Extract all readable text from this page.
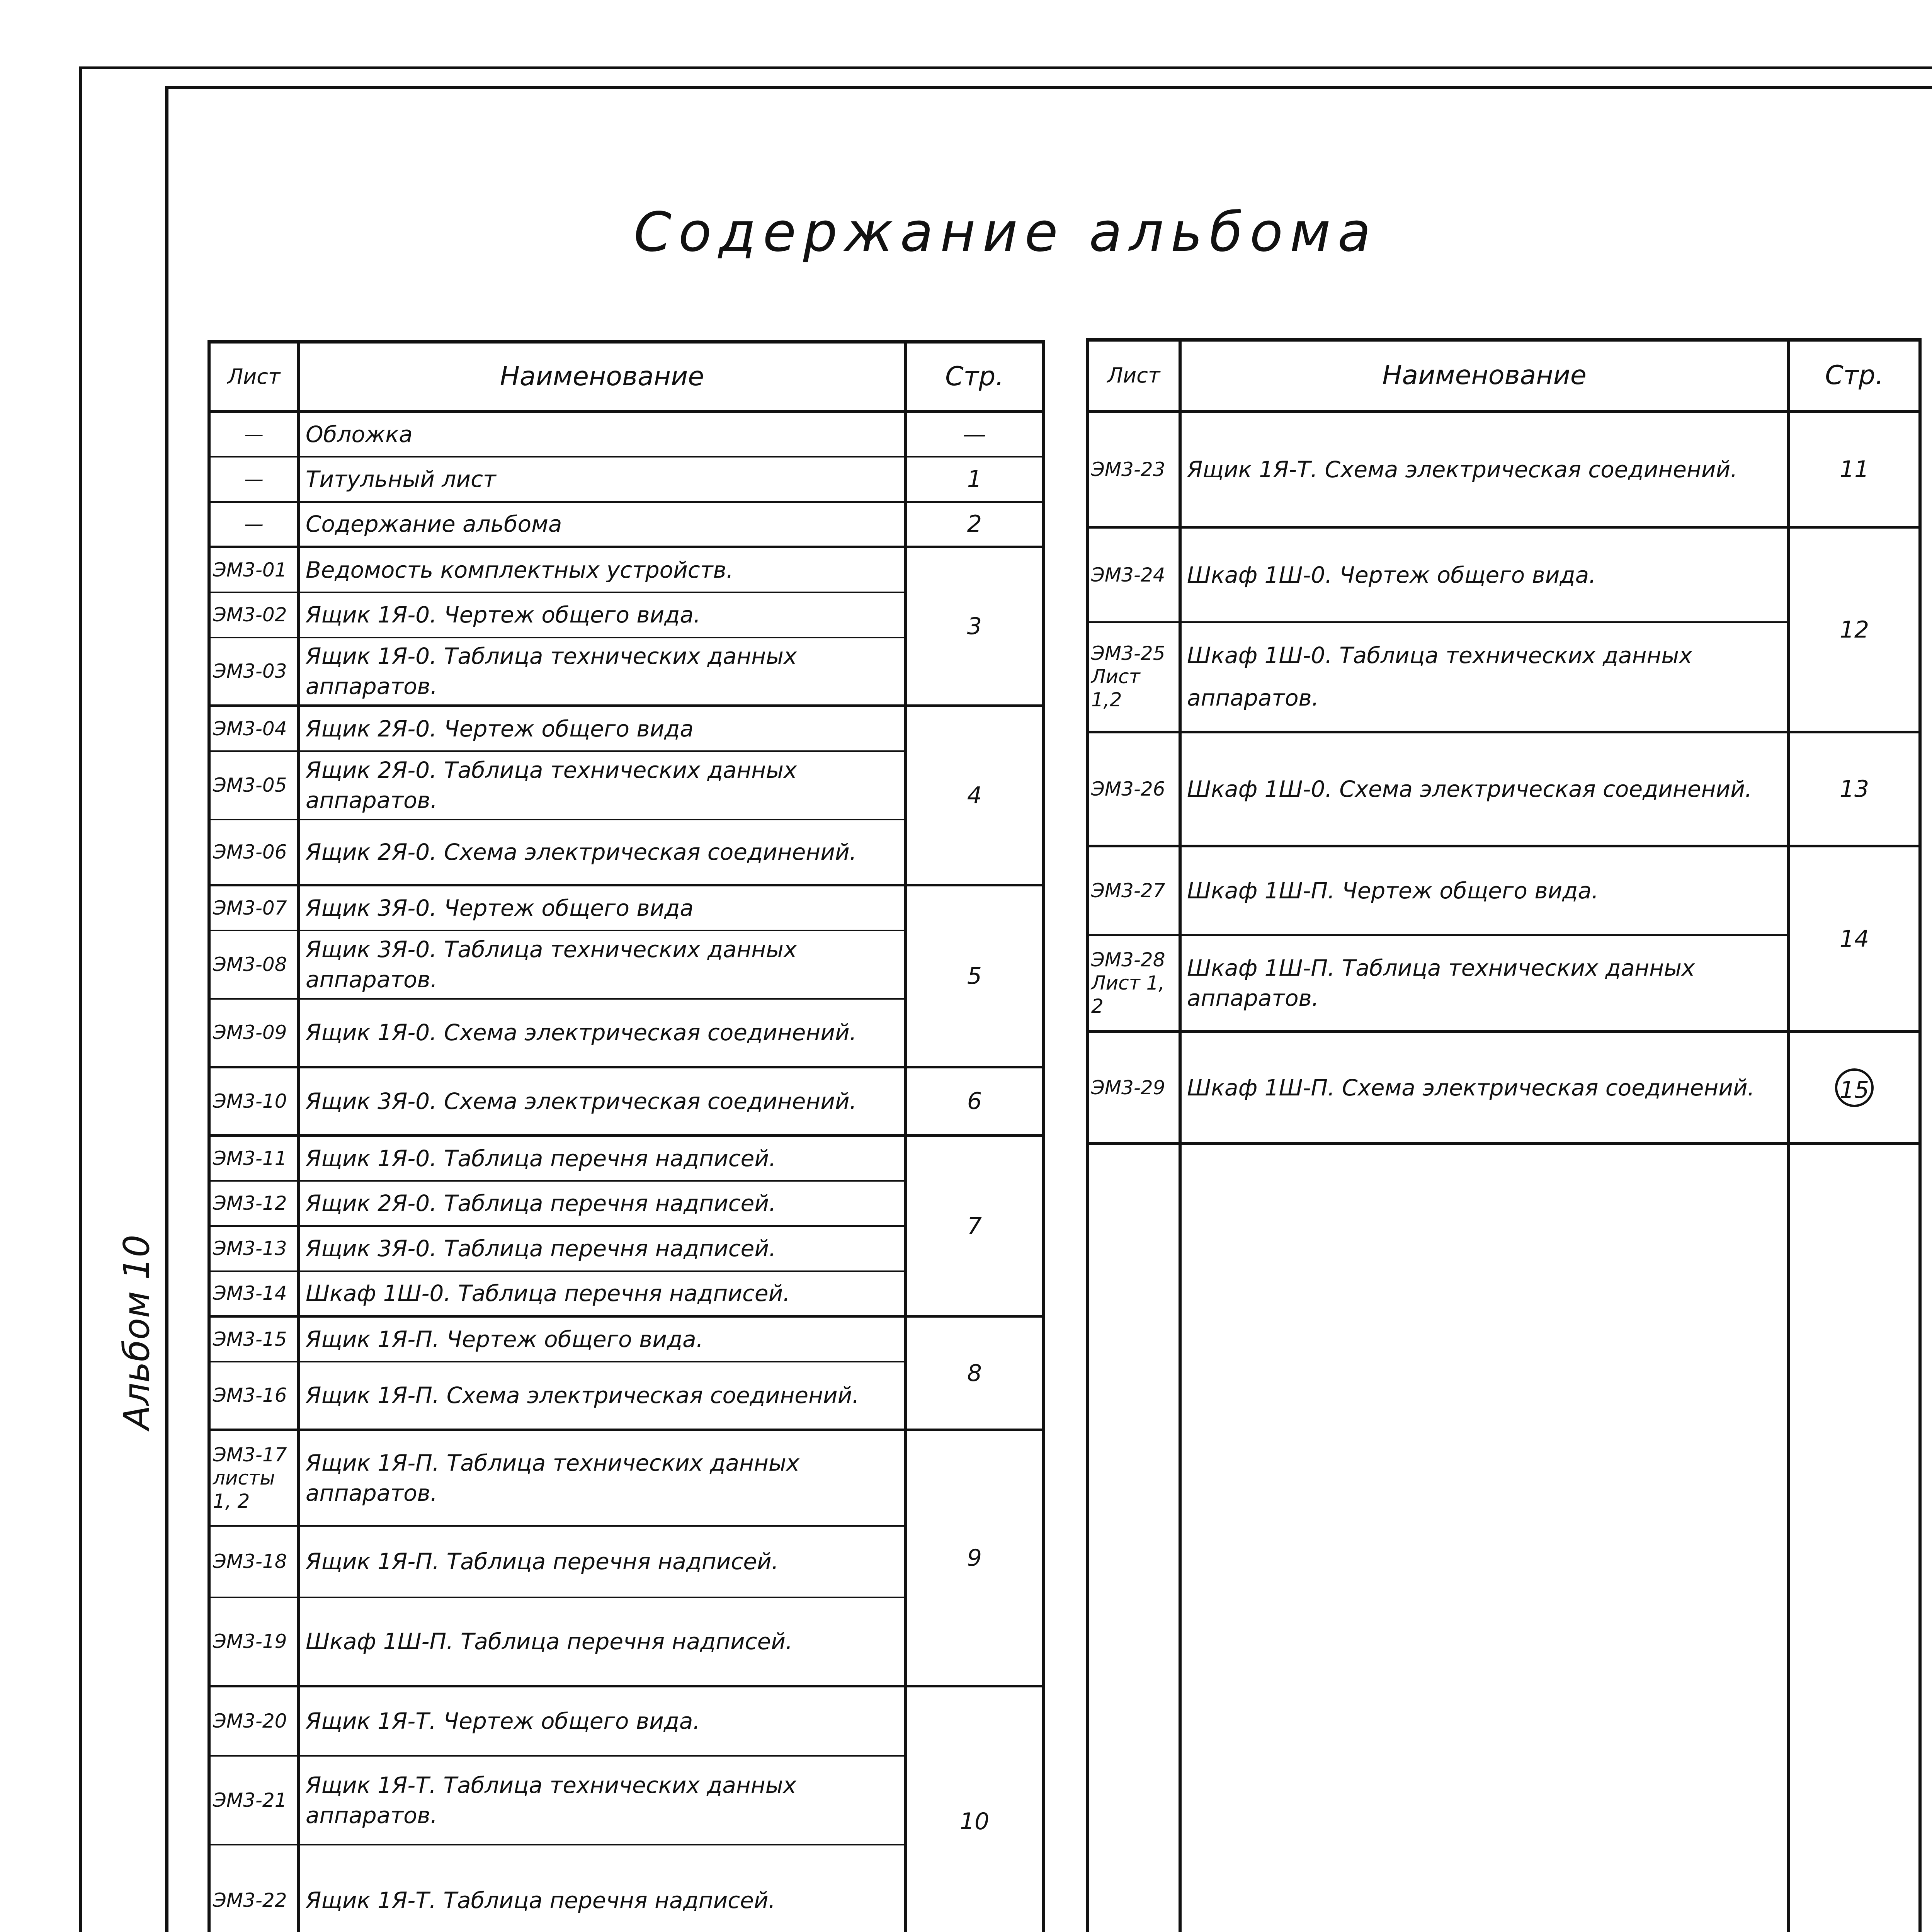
Содержание альбома
Альбом 10
Лист	Наименование	Стр.
—	Обложка	—
—	Титульный лист	1
—	Содержание альбома	2
ЭМ3-01	Ведомость комплектных устройств.	3
ЭМ3-02	Ящик 1Я-0. Чертеж общего вида.	
ЭМ3-03	Ящик 1Я-0. Таблица технических данных аппаратов.	
ЭМ3-04	Ящик 2Я-0. Чертеж общего вида	4
ЭМ3-05	Ящик 2Я-0. Таблица технических данных аппаратов.	
ЭМ3-06	Ящик 2Я-0. Схема электрическая соединений.	
ЭМ3-07	Ящик 3Я-0. Чертеж общего вида	5
ЭМ3-08	Ящик 3Я-0. Таблица технических данных аппаратов.	
ЭМ3-09	Ящик 1Я-0. Схема электрическая соединений.	
ЭМ3-10	Ящик 3Я-0. Схема электрическая соединений.	6
ЭМ3-11	Ящик 1Я-0. Таблица перечня надписей.	7
ЭМ3-12	Ящик 2Я-0. Таблица перечня надписей.	
ЭМ3-13	Ящик 3Я-0. Таблица перечня надписей.	
ЭМ3-14	Шкаф 1Ш-0. Таблица перечня надписей.	
ЭМ3-15	Ящик 1Я-П. Чертеж общего вида.	8
ЭМ3-16	Ящик 1Я-П. Схема электрическая соединений.	
ЭМ3-17 листы 1, 2	Ящик 1Я-П. Таблица технических данных аппаратов.	9
ЭМ3-18	Ящик 1Я-П. Таблица перечня надписей.	
ЭМ3-19	Шкаф 1Ш-П. Таблица перечня надписей.	
ЭМ3-20	Ящик 1Я-Т. Чертеж общего вида.	10
ЭМ3-21	Ящик 1Я-Т. Таблица технических данных аппаратов.	
ЭМ3-22	Ящик 1Я-Т. Таблица перечня надписей.	

Лист	Наименование	Стр.
ЭМ3-23	Ящик 1Я-Т. Схема электрическая соединений.	11
ЭМ3-24	Шкаф 1Ш-0. Чертеж общего вида.	12
ЭМ3-25 Лист 1,2	Шкаф 1Ш-0. Таблица технических данных аппаратов.	
ЭМ3-26	Шкаф 1Ш-0. Схема электрическая соединений.	13
ЭМ3-27	Шкаф 1Ш-П. Чертеж общего вида.	14
ЭМ3-28 Лист 1, 2	Шкаф 1Ш-П. Таблица технических данных аппаратов.	
ЭМ3-29	Шкаф 1Ш-П. Схема электрическая соединений.	15
